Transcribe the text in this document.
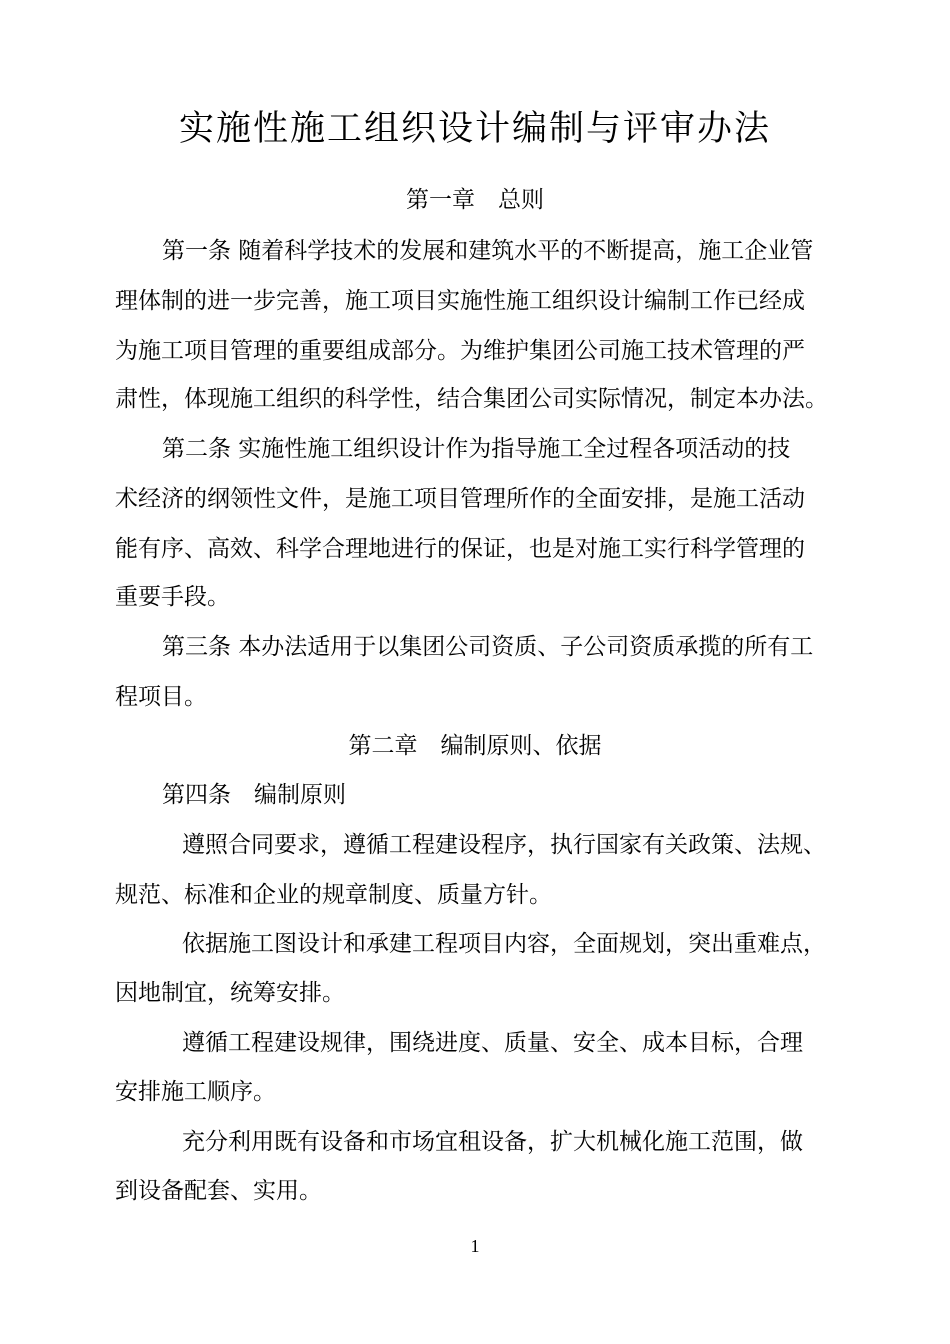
实施性施工组织设计编制与评审办法
第一章　总则
第一条 随着科学技术的发展和建筑水平的不断提高，施工企业管
理体制的进一步完善，施工项目实施性施工组织设计编制工作已经成
为施工项目管理的重要组成部分。为维护集团公司施工技术管理的严
肃性，体现施工组织的科学性，结合集团公司实际情况，制定本办法。
第二条 实施性施工组织设计作为指导施工全过程各项活动的技
术经济的纲领性文件，是施工项目管理所作的全面安排，是施工活动
能有序、高效、科学合理地进行的保证，也是对施工实行科学管理的
重要手段。
第三条 本办法适用于以集团公司资质、子公司资质承揽的所有工
程项目。
第二章　编制原则、依据
第四条　编制原则
遵照合同要求，遵循工程建设程序，执行国家有关政策、法规、
规范、标准和企业的规章制度、质量方针。
依据施工图设计和承建工程项目内容，全面规划，突出重难点，
因地制宜，统筹安排。
遵循工程建设规律，围绕进度、质量、安全、成本目标，合理
安排施工顺序。
充分利用既有设备和市场宜租设备，扩大机械化施工范围，做
到设备配套、实用。
1
